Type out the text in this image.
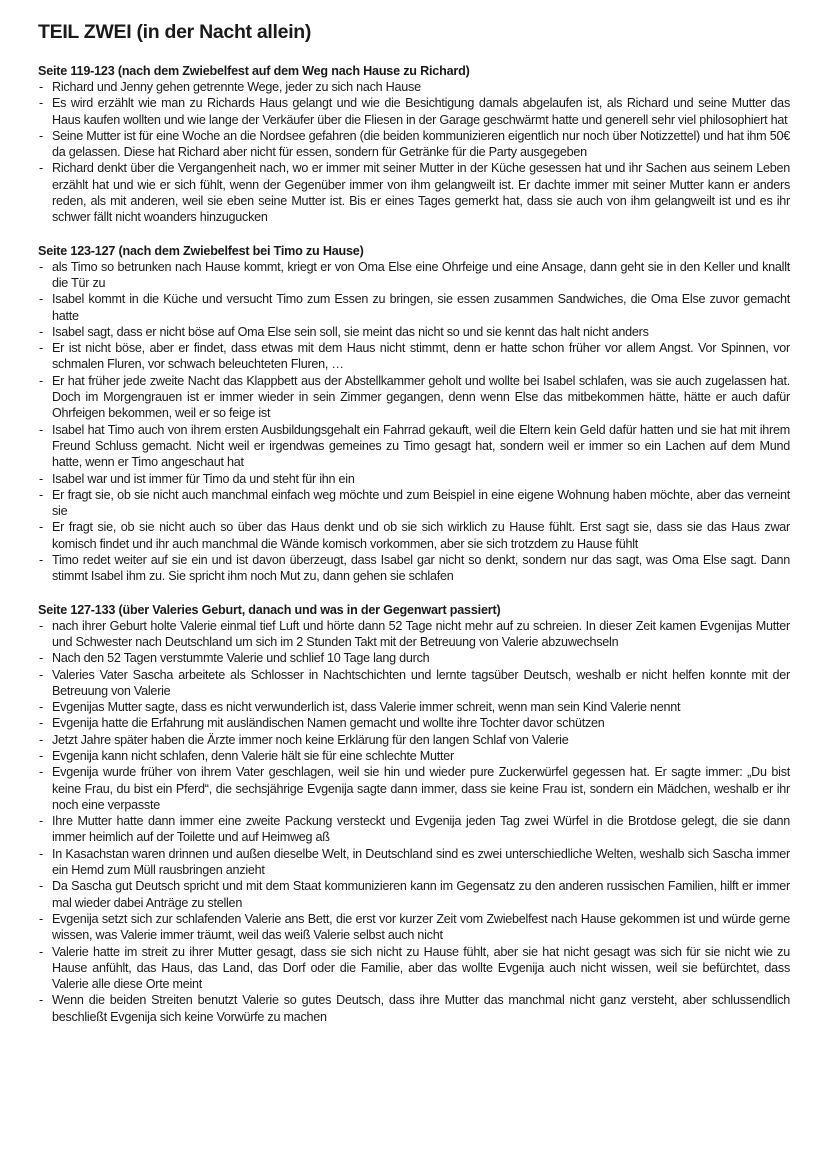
TEIL ZWEI (in der Nacht allein)
Seite 119-123 (nach dem Zwiebelfest auf dem Weg nach Hause zu Richard)
- Richard und Jenny gehen getrennte Wege, jeder zu sich nach Hause
- Es wird erzählt wie man zu Richards Haus gelangt und wie die Besichtigung damals abgelaufen ist, als Richard und seine Mutter das Haus kaufen wollten und wie lange der Verkäufer über die Fliesen in der Garage geschwärmt hatte und generell sehr viel philosophiert hat
- Seine Mutter ist für eine Woche an die Nordsee gefahren (die beiden kommunizieren eigentlich nur noch über Notizzettel) und hat ihm 50€ da gelassen. Diese hat Richard aber nicht für essen, sondern für Getränke für die Party ausgegeben
- Richard denkt über die Vergangenheit nach, wo er immer mit seiner Mutter in der Küche gesessen hat und ihr Sachen aus seinem Leben erzählt hat und wie er sich fühlt, wenn der Gegenüber immer von ihm gelangweilt ist. Er dachte immer mit seiner Mutter kann er anders reden, als mit anderen, weil sie eben seine Mutter ist. Bis er eines Tages gemerkt hat, dass sie auch von ihm gelangweilt ist und es ihr schwer fällt nicht woanders hinzugucken
Seite 123-127 (nach dem Zwiebelfest bei Timo zu Hause)
- als Timo so betrunken nach Hause kommt, kriegt er von Oma Else eine Ohrfeige und eine Ansage, dann geht sie in den Keller und knallt die Tür zu
- Isabel kommt in die Küche und versucht Timo zum Essen zu bringen, sie essen zusammen Sandwiches, die Oma Else zuvor gemacht hatte
- Isabel sagt, dass er nicht böse auf Oma Else sein soll, sie meint das nicht so und sie kennt das halt nicht anders
- Er ist nicht böse, aber er findet, dass etwas mit dem Haus nicht stimmt, denn er hatte schon früher vor allem Angst. Vor Spinnen, vor schmalen Fluren, vor schwach beleuchteten Fluren, …
- Er hat früher jede zweite Nacht das Klappbett aus der Abstellkammer geholt und wollte bei Isabel schlafen, was sie auch zugelassen hat. Doch im Morgengrauen ist er immer wieder in sein Zimmer gegangen, denn wenn Else das mitbekommen hätte, hätte er auch dafür Ohrfeigen bekommen, weil er so feige ist
- Isabel hat Timo auch von ihrem ersten Ausbildungsgehalt ein Fahrrad gekauft, weil die Eltern kein Geld dafür hatten und sie hat mit ihrem Freund Schluss gemacht. Nicht weil er irgendwas gemeines zu Timo gesagt hat, sondern weil er immer so ein Lachen auf dem Mund hatte, wenn er Timo angeschaut hat
- Isabel war und ist immer für Timo da und steht für ihn ein
- Er fragt sie, ob sie nicht auch manchmal einfach weg möchte und zum Beispiel in eine eigene Wohnung haben möchte, aber das verneint sie
- Er fragt sie, ob sie nicht auch so über das Haus denkt und ob sie sich wirklich zu Hause fühlt. Erst sagt sie, dass sie das Haus zwar komisch findet und ihr auch manchmal die Wände komisch vorkommen, aber sie sich trotzdem zu Hause fühlt
- Timo redet weiter auf sie ein und ist davon überzeugt, dass Isabel gar nicht so denkt, sondern nur das sagt, was Oma Else sagt. Dann stimmt Isabel ihm zu. Sie spricht ihm noch Mut zu, dann gehen sie schlafen
Seite 127-133 (über Valeries Geburt, danach und was in der Gegenwart passiert)
- nach ihrer Geburt holte Valerie einmal tief Luft und hörte dann 52 Tage nicht mehr auf zu schreien. In dieser Zeit kamen Evgenijas Mutter und Schwester nach Deutschland um sich im 2 Stunden Takt mit der Betreuung von Valerie abzuwechseln
- Nach den 52 Tagen verstummte Valerie und schlief 10 Tage lang durch
- Valeries Vater Sascha arbeitete als Schlosser in Nachtschichten und lernte tagsüber Deutsch, weshalb er nicht helfen konnte mit der Betreuung von Valerie
- Evgenijas Mutter sagte, dass es nicht verwunderlich ist, dass Valerie immer schreit, wenn man sein Kind Valerie nennt
- Evgenija hatte die Erfahrung mit ausländischen Namen gemacht und wollte ihre Tochter davor schützen
- Jetzt Jahre später haben die Ärzte immer noch keine Erklärung für den langen Schlaf von Valerie
- Evgenija kann nicht schlafen, denn Valerie hält sie für eine schlechte Mutter
- Evgenija wurde früher von ihrem Vater geschlagen, weil sie hin und wieder pure Zuckerwürfel gegessen hat. Er sagte immer: „Du bist keine Frau, du bist ein Pferd“, die sechsjährige Evgenija sagte dann immer, dass sie keine Frau ist, sondern ein Mädchen, weshalb er ihr noch eine verpasste
- Ihre Mutter hatte dann immer eine zweite Packung versteckt und Evgenija jeden Tag zwei Würfel in die Brotdose gelegt, die sie dann immer heimlich auf der Toilette und auf Heimweg aß
- In Kasachstan waren drinnen und außen dieselbe Welt, in Deutschland sind es zwei unterschiedliche Welten, weshalb sich Sascha immer ein Hemd zum Müll rausbringen anzieht
- Da Sascha gut Deutsch spricht und mit dem Staat kommunizieren kann im Gegensatz zu den anderen russischen Familien, hilft er immer mal wieder dabei Anträge zu stellen
- Evgenija setzt sich zur schlafenden Valerie ans Bett, die erst vor kurzer Zeit vom Zwiebelfest nach Hause gekommen ist und würde gerne wissen, was Valerie immer träumt, weil das weiß Valerie selbst auch nicht
- Valerie hatte im streit zu ihrer Mutter gesagt, dass sie sich nicht zu Hause fühlt, aber sie hat nicht gesagt was sich für sie nicht wie zu Hause anfühlt, das Haus, das Land, das Dorf oder die Familie, aber das wollte Evgenija auch nicht wissen, weil sie befürchtet, dass Valerie alle diese Orte meint
- Wenn die beiden Streiten benutzt Valerie so gutes Deutsch, dass ihre Mutter das manchmal nicht ganz versteht, aber schlussendlich beschließt Evgenija sich keine Vorwürfe zu machen
